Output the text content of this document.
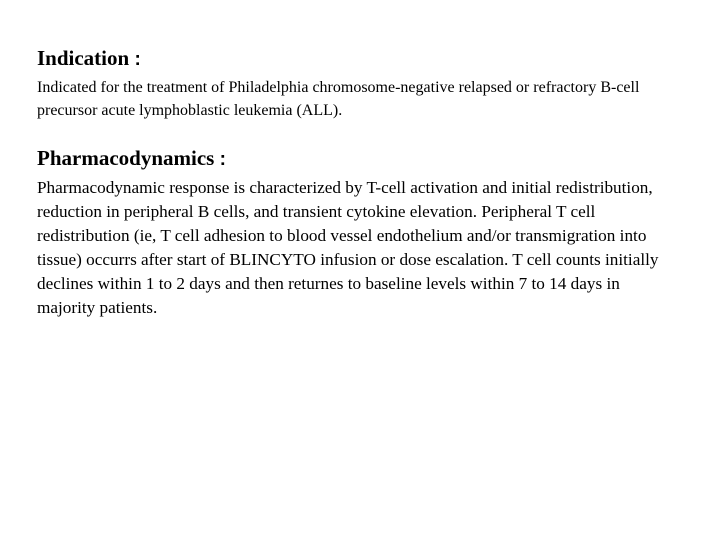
Indication :

Indicated for the treatment of Philadelphia chromosome-negative relapsed or refractory B-cell precursor acute lymphoblastic leukemia (ALL).

Pharmacodynamics :

Pharmacodynamic response is characterized by T-cell activation and initial redistribution, reduction in peripheral B cells, and transient cytokine elevation. Peripheral T cell redistribution (ie, T cell adhesion to blood vessel endothelium and/or transmigration into tissue) occurrs after start of BLINCYTO infusion or dose escalation. T cell counts initially declines within 1 to 2 days and then returnes to baseline levels within 7 to 14 days in majority patients.
